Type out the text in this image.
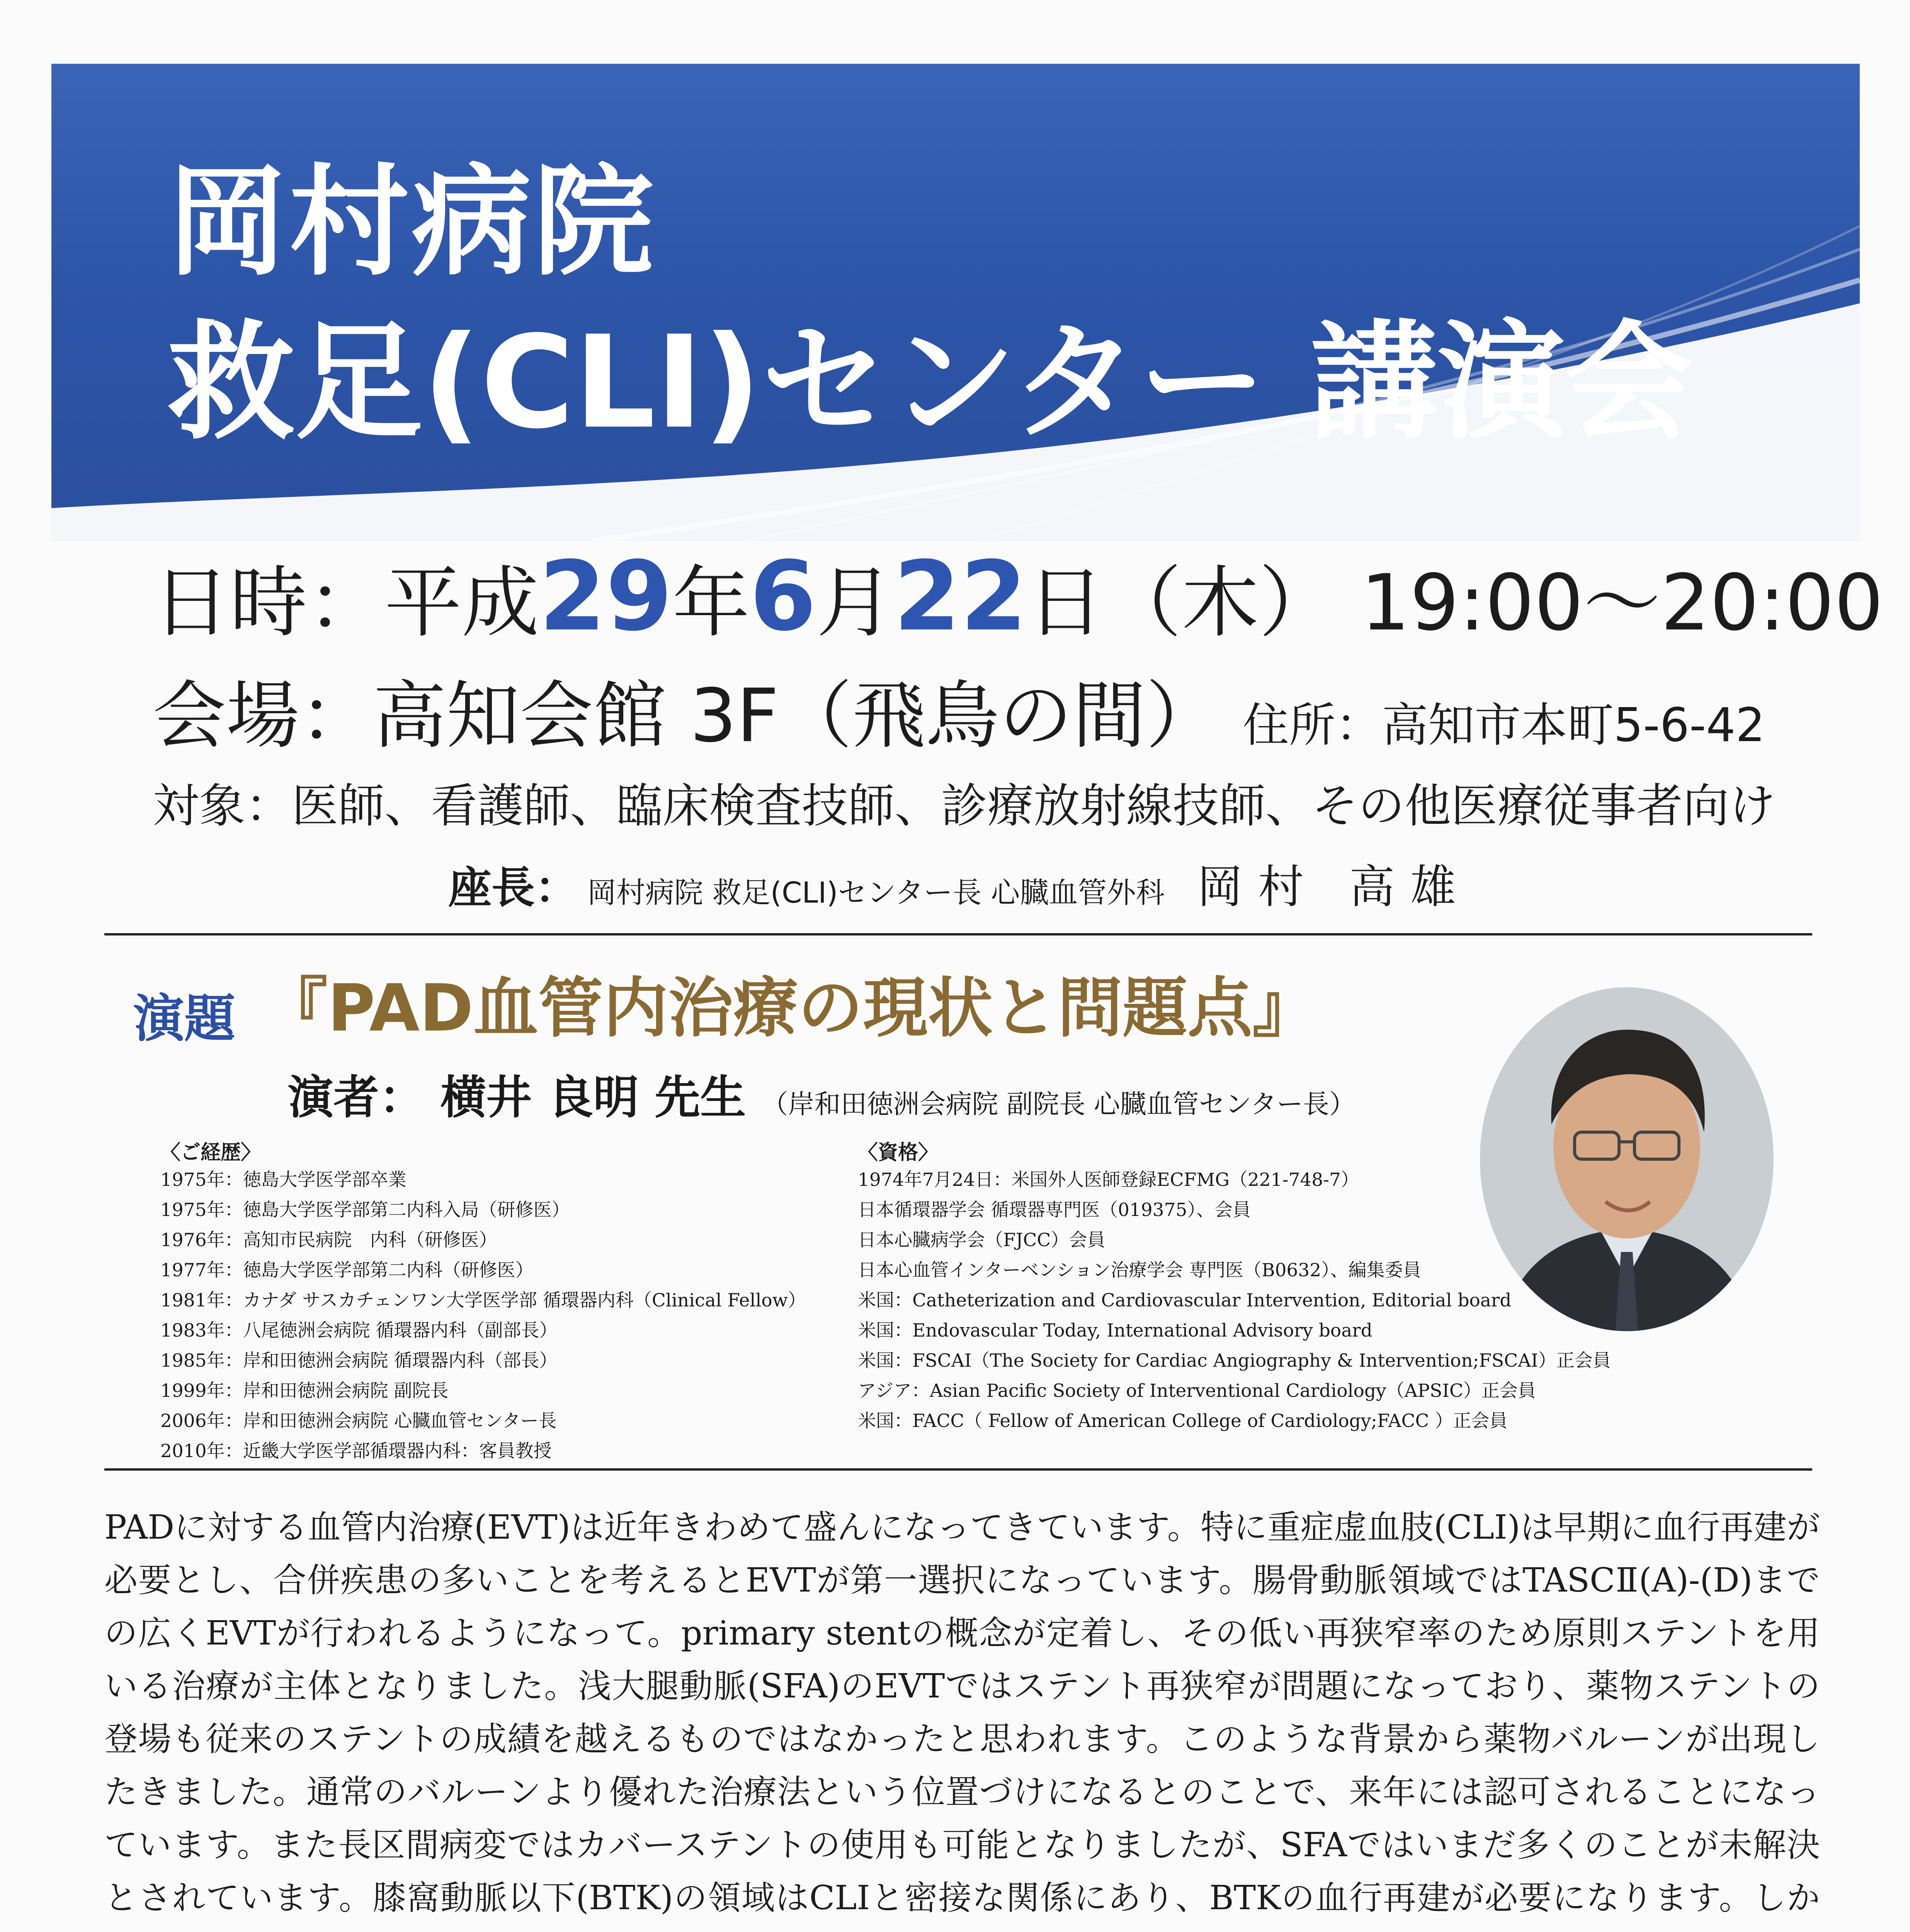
岡村病院
救足(CLI)センター 講演会
日時：平成29年6月22日（木） 19:00〜20:00
会場：高知会館 3F（飛鳥の間） 住所：高知市本町5-6-42
対象：医師、看護師、臨床検査技師、診療放射線技師、その他医療従事者向け
座長： 岡村病院 救足(CLI)センター長 心臓血管外科 岡村 高雄
演題 『PAD血管内治療の現状と問題点』
演者： 横井 良明 先生 （岸和田徳洲会病院 副院長 心臓血管センター長）
〈ご経歴〉
1975年：徳島大学医学部卒業
1975年：徳島大学医学部第二内科入局（研修医）
1976年：高知市民病院　内科（研修医）
1977年：徳島大学医学部第二内科（研修医）
1981年：カナダ サスカチェンワン大学医学部 循環器内科（Clinical Fellow）
1983年：八尾徳洲会病院 循環器内科（副部長）
1985年：岸和田徳洲会病院 循環器内科（部長）
1999年：岸和田徳洲会病院 副院長
2006年：岸和田徳洲会病院 心臓血管センター長
2010年：近畿大学医学部循環器内科：客員教授
〈資格〉
1974年7月24日：米国外人医師登録ECFMG（221-748-7）
日本循環器学会 循環器専門医（019375）、会員
日本心臓病学会（FJCC）会員
日本心血管インターベンション治療学会 専門医（B0632）、編集委員
米国：Catheterization and Cardiovascular Intervention, Editorial board
米国：Endovascular Today, International Advisory board
米国：FSCAI（The Society for Cardiac Angiography & Intervention;FSCAI）正会員
アジア：Asian Pacific Society of Interventional Cardiology（APSIC）正会員
米国：FACC（ Fellow of American College of Cardiology;FACC ）正会員
PADに対する血管内治療(EVT)は近年きわめて盛んになってきています。特に重症虚血肢(CLI)は早期に血行再建が必要とし、合併疾患の多いことを考えるとEVTが第一選択になっています。腸骨動脈領域ではTASCⅡ(A)-(D)までの広くEVTが行われるようになって。primary stentの概念が定着し、その低い再狭窄率のため原則ステントを用いる治療が主体となりました。浅大腿動脈(SFA)のEVTではステント再狭窄が問題になっており、薬物ステントの登場も従来のステントの成績を越えるものではなかったと思われます。このような背景から薬物バルーンが出現したきました。通常のバルーンより優れた治療法という位置づけになるとのことで、来年には認可されることになっています。また長区間病変ではカバーステントの使用も可能となりましたが、SFAではいまだ多くのことが未解決とされています。膝窩動脈以下(BTK)の領域はCLIと密接な関係にあり、BTKの血行再建が必要になります。しか
